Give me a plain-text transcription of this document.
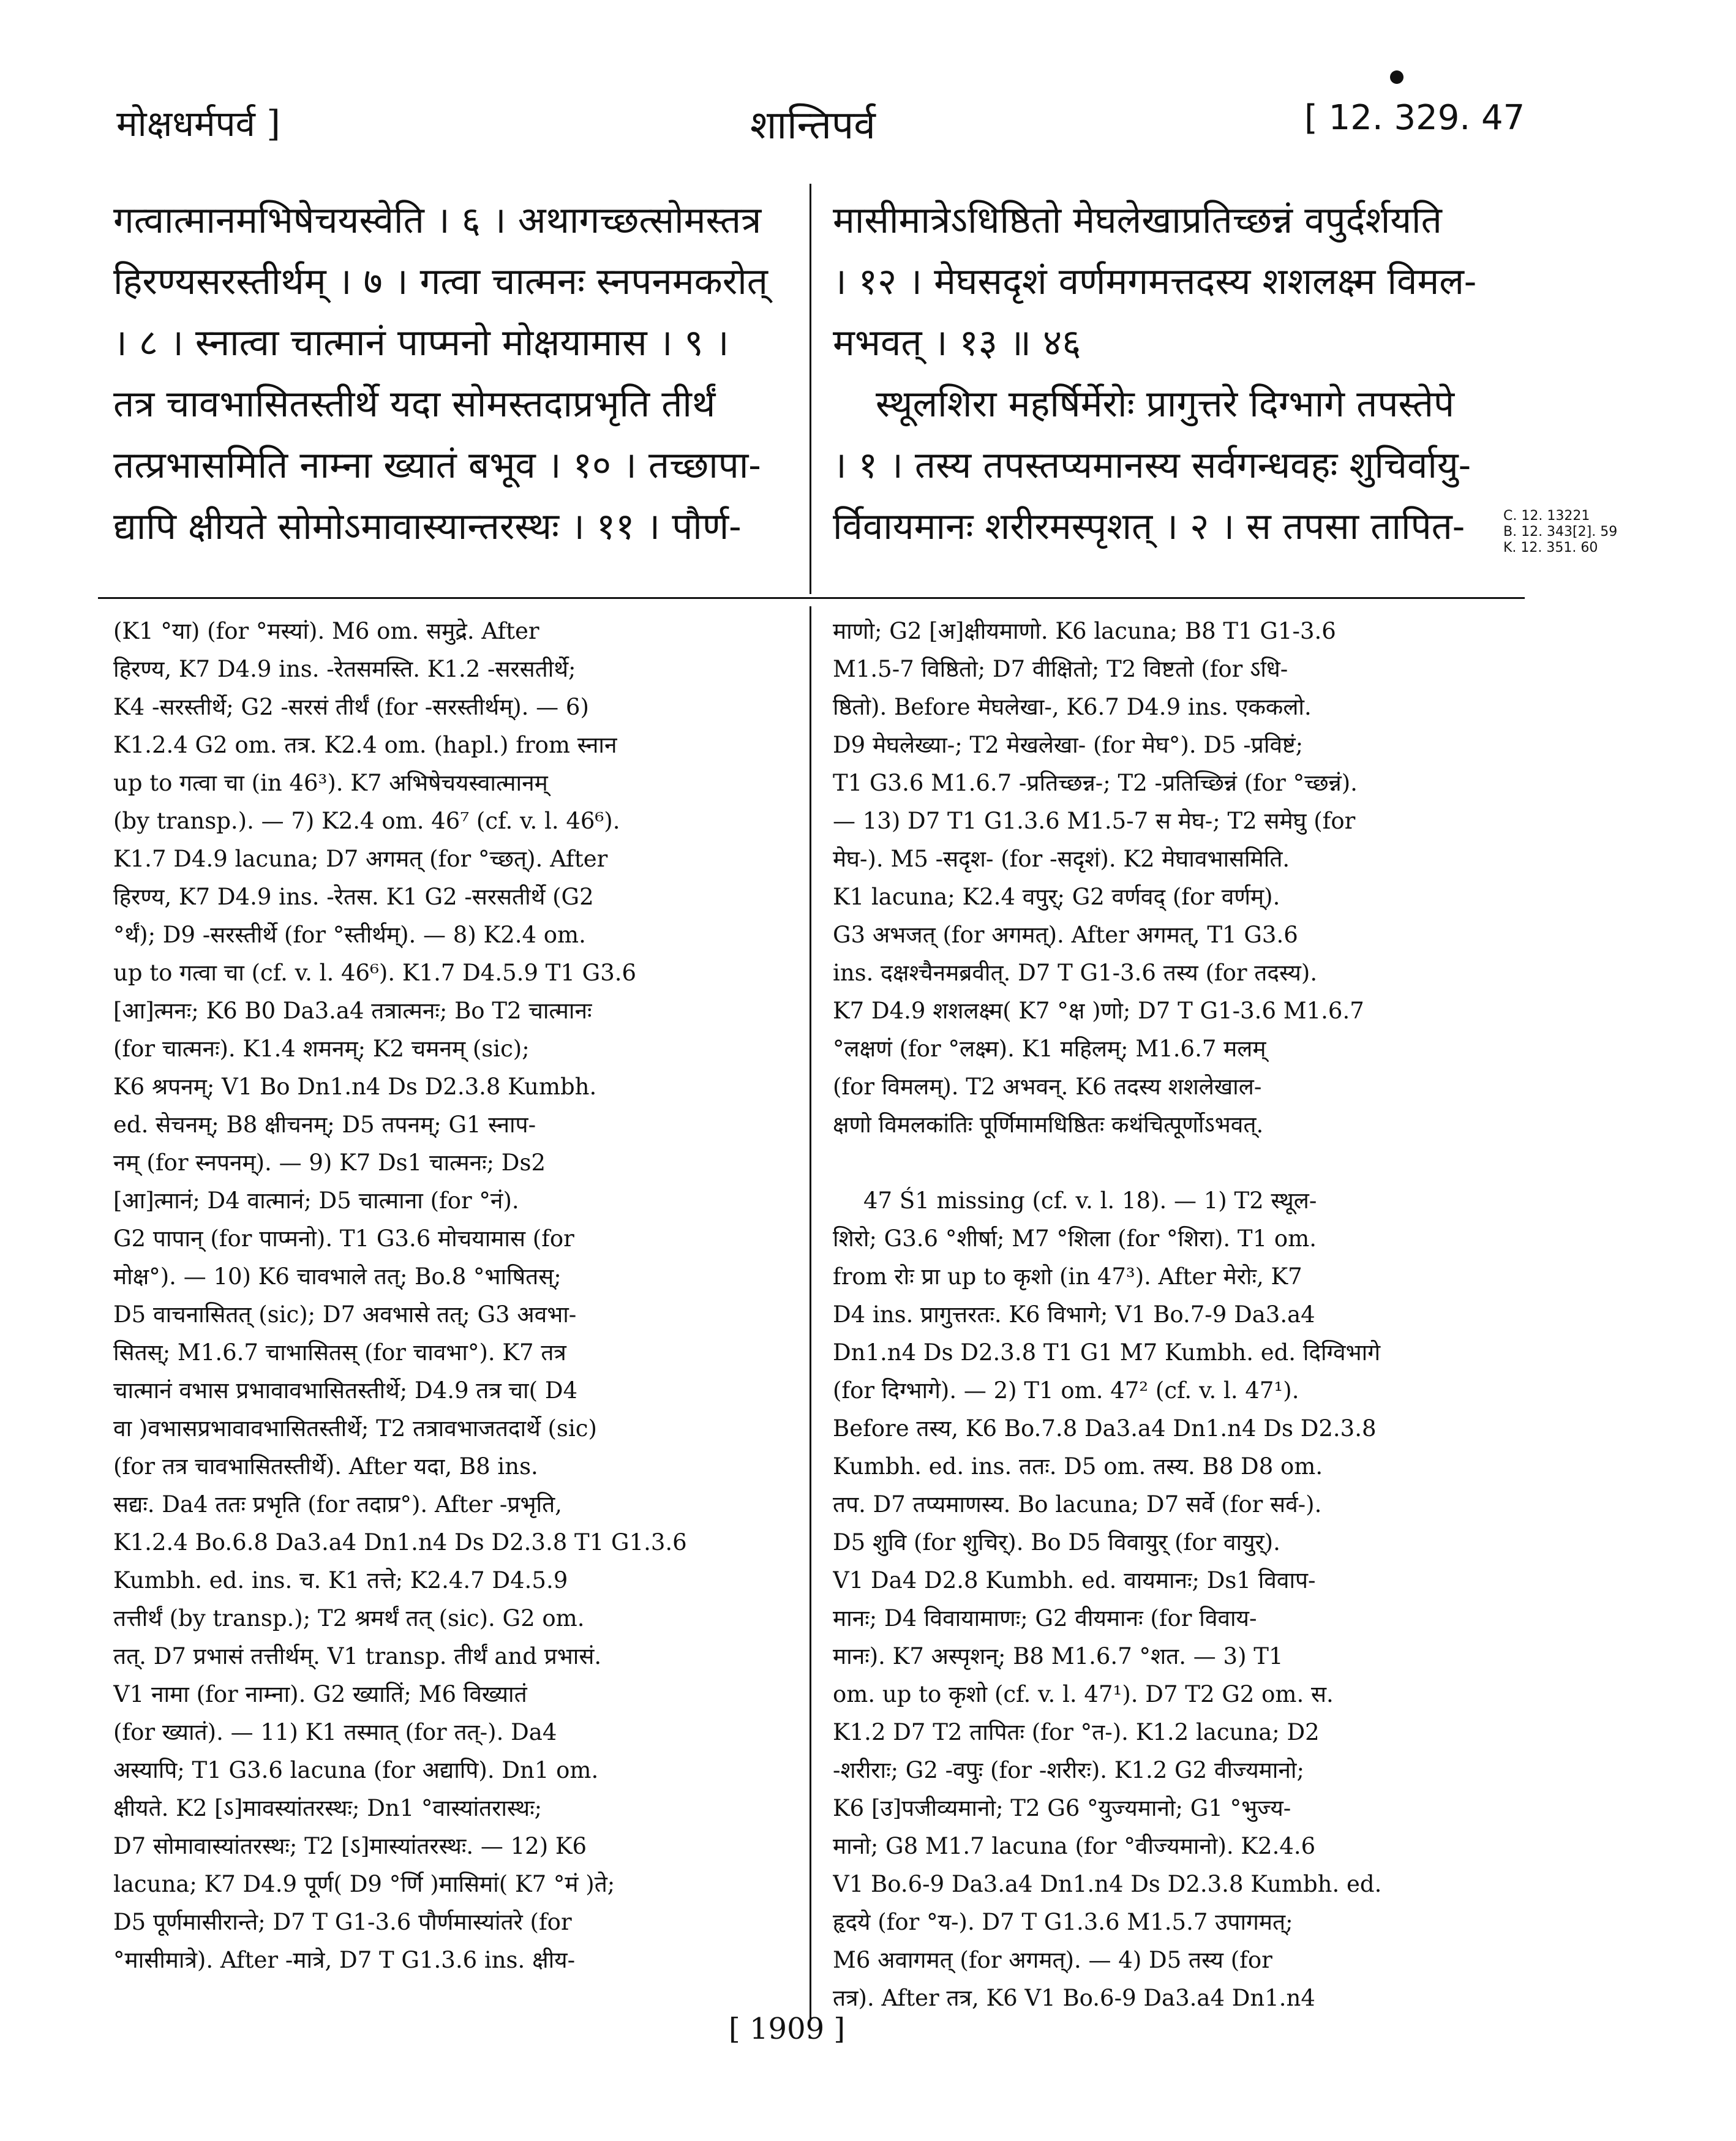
मोक्षधर्मपर्व ]	शान्तिपर्व	[ 12. 329. 47
गत्वात्मानमभिषेचयस्वेति । ६ । अथागच्छत्सोमस्तत्र
हिरण्यसरस्तीर्थम् । ७ । गत्वा चात्मनः स्नपनमकरोत्
। ८ । स्नात्वा चात्मानं पाप्मनो मोक्षयामास । ९ ।
तत्र चावभासितस्तीर्थे यदा सोमस्तदाप्रभृति तीर्थं
तत्प्रभासमिति नाम्ना ख्यातं बभूव । १० । तच्छापा-
द्यापि क्षीयते सोमोऽमावास्यान्तरस्थः । ११ । पौर्ण-
मासीमात्रेऽधिष्ठितो मेघलेखाप्रतिच्छन्नं वपुर्दर्शयति
। १२ । मेघसदृशं वर्णमगमत्तदस्य शशलक्ष्म विमल-
मभवत् । १३ ॥ ४६
स्थूलशिरा महर्षिर्मेरोः प्रागुत्तरे दिग्भागे तपस्तेपे
। १ । तस्य तपस्तप्यमानस्य सर्वगन्धवहः शुचिर्वायु-
र्विवायमानः शरीरमस्पृशत् । २ । स तपसा तापित-	C. 12. 13221
B. 12. 343[2]. 59
K. 12. 351. 60
(K1 °या) (for °मस्यां). M6 om. समुद्रे. After
हिरण्य, K7 D4.9 ins. -रेतसमस्ति. K1.2 -सरसतीर्थे;
K4 -सरस्तीर्थे; G2 -सरसं तीर्थं (for -सरस्तीर्थम्). — 6)
K1.2.4 G2 om. तत्र. K2.4 om. (hapl.) from स्नान
up to गत्वा चा (in 46³). K7 अभिषेचयस्वात्मानम्
(by transp.). — 7) K2.4 om. 46⁷ (cf. v. l. 46⁶).
K1.7 D4.9 lacuna; D7 अगमत् (for °च्छत्). After
हिरण्य, K7 D4.9 ins. -रेतस. K1 G2 -सरसतीर्थे (G2
°र्थं); D9 -सरस्तीर्थे (for °स्तीर्थम्). — 8) K2.4 om.
up to गत्वा चा (cf. v. l. 46⁶). K1.7 D4.5.9 T1 G3.6
[आ]त्मनः; K6 B0 Da3.a4 तत्रात्मनः; Bo T2 चात्मानः
(for चात्मनः). K1.4 शमनम्; K2 चमनम् (sic);
K6 श्रपनम्; V1 Bo Dn1.n4 Ds D2.3.8 Kumbh.
ed. सेचनम्; B8 क्षीचनम्; D5 तपनम्; G1 स्नाप-
नम् (for स्नपनम्). — 9) K7 Ds1 चात्मनः; Ds2
[आ]त्मानं; D4 वात्मानं; D5 चात्माना (for °नं).
G2 पापान् (for पाप्मनो). T1 G3.6 मोचयामास (for
मोक्ष°). — 10) K6 चावभाले तत्; Bo.8 °भाषितस्;
D5 वाचनासितत् (sic); D7 अवभासे तत्; G3 अवभा-
सितस्; M1.6.7 चाभासितस् (for चावभा°). K7 तत्र
चात्मानं वभास प्रभावावभासितस्तीर्थे; D4.9 तत्र चा( D4
वा )वभासप्रभावावभासितस्तीर्थे; T2 तत्रावभाजतदार्थे (sic)
(for तत्र चावभासितस्तीर्थे). After यदा, B8 ins.
सद्यः. Da4 ततः प्रभृति (for तदाप्र°). After -प्रभृति,
K1.2.4 Bo.6.8 Da3.a4 Dn1.n4 Ds D2.3.8 T1 G1.3.6
Kumbh. ed. ins. च. K1 तत्ते; K2.4.7 D4.5.9
तत्तीर्थं (by transp.); T2 श्रमर्थं तत् (sic). G2 om.
तत्. D7 प्रभासं तत्तीर्थम्. V1 transp. तीर्थं and प्रभासं.
V1 नामा (for नाम्ना). G2 ख्यातिं; M6 विख्यातं
(for ख्यातं). — 11) K1 तस्मात् (for तत्-). Da4
अस्यापि; T1 G3.6 lacuna (for अद्यापि). Dn1 om.
क्षीयते. K2 [ऽ]मावस्यांतरस्थः; Dn1 °वास्यांतरास्थः;
D7 सोमावास्यांतरस्थः; T2 [ऽ]मास्यांतरस्थः. — 12) K6
lacuna; K7 D4.9 पूर्ण( D9 °र्णि )मासिमां( K7 °मं )ते;
D5 पूर्णमासीरान्ते; D7 T G1-3.6 पौर्णमास्यांतरे (for
°मासीमात्रे). After -मात्रे, D7 T G1.3.6 ins. क्षीय-
माणो; G2 [अ]क्षीयमाणो. K6 lacuna; B8 T1 G1-3.6
M1.5-7 विष्ठितो; D7 वीक्षितो; T2 विष्टतो (for ऽधि-
ष्ठितो). Before मेघलेखा-, K6.7 D4.9 ins. एककलो.
D9 मेघलेख्या-; T2 मेखलेखा- (for मेघ°). D5 -प्रविष्टं;
T1 G3.6 M1.6.7 -प्रतिच्छन्न-; T2 -प्रतिच्छिन्नं (for °च्छन्नं).
— 13) D7 T1 G1.3.6 M1.5-7 स मेघ-; T2 समेघु (for
मेघ-). M5 -सदृश- (for -सदृशं). K2 मेघावभासमिति.
K1 lacuna; K2.4 वपुर्; G2 वर्णवद् (for वर्णम्).
G3 अभजत् (for अगमत्). After अगमत्, T1 G3.6
ins. दक्षश्चैनमब्रवीत्. D7 T G1-3.6 तस्य (for तदस्य).
K7 D4.9 शशलक्ष्म( K7 °क्ष )णो; D7 T G1-3.6 M1.6.7
°लक्षणं (for °लक्ष्म). K1 महिलम्; M1.6.7 मलम्
(for विमलम्). T2 अभवन्. K6 तदस्य शशलेखाल-
क्षणो विमलकांतिः पूर्णिमामधिष्ठितः कथंचित्पूर्णोऽभवत्.
47 Ś1 missing (cf. v. l. 18). — 1) T2 स्थूल-
शिरो; G3.6 °शीर्षा; M7 °शिला (for °शिरा). T1 om.
from रोः प्रा up to कृशो (in 47³). After मेरोः, K7
D4 ins. प्रागुत्तरतः. K6 विभागे; V1 Bo.7-9 Da3.a4
Dn1.n4 Ds D2.3.8 T1 G1 M7 Kumbh. ed. दिग्विभागे
(for दिग्भागे). — 2) T1 om. 47² (cf. v. l. 47¹).
Before तस्य, K6 Bo.7.8 Da3.a4 Dn1.n4 Ds D2.3.8
Kumbh. ed. ins. ततः. D5 om. तस्य. B8 D8 om.
तप. D7 तप्यमाणस्य. Bo lacuna; D7 सर्वे (for सर्व-).
D5 शुवि (for शुचिर्). Bo D5 विवायुर् (for वायुर्).
V1 Da4 D2.8 Kumbh. ed. वायमानः; Ds1 विवाप-
मानः; D4 विवायामाणः; G2 वीयमानः (for विवाय-
मानः). K7 अस्पृशन्; B8 M1.6.7 °शत. — 3) T1
om. up to कृशो (cf. v. l. 47¹). D7 T2 G2 om. स.
K1.2 D7 T2 तापितः (for °त-). K1.2 lacuna; D2
-शरीराः; G2 -वपुः (for -शरीरः). K1.2 G2 वीज्यमानो;
K6 [उ]पजीव्यमानो; T2 G6 °युज्यमानो; G1 °भुज्य-
मानो; G8 M1.7 lacuna (for °वीज्यमानो). K2.4.6
V1 Bo.6-9 Da3.a4 Dn1.n4 Ds D2.3.8 Kumbh. ed.
हृदये (for °य-). D7 T G1.3.6 M1.5.7 उपागमत्;
M6 अवागमत् (for अगमत्). — 4) D5 तस्य (for
तत्र). After तत्र, K6 V1 Bo.6-9 Da3.a4 Dn1.n4
[ 1909 ]
